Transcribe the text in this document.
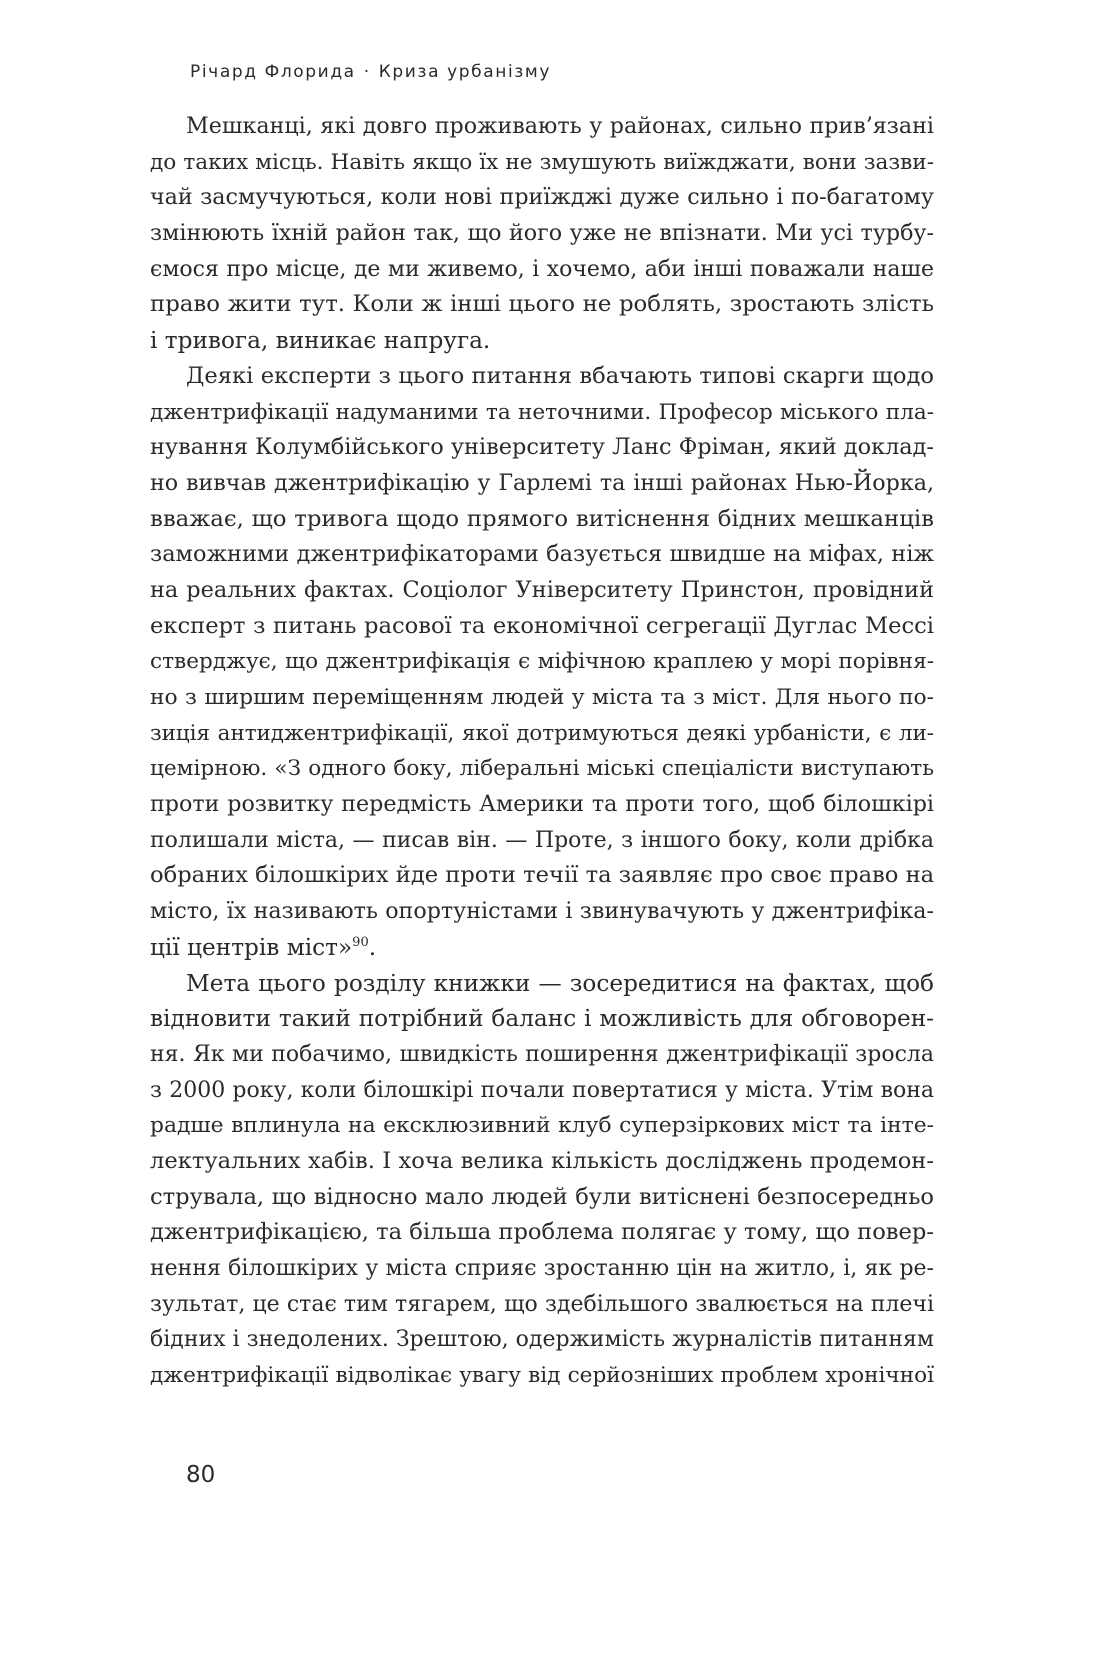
Річард Флорида · Криза урбанізму
Мешканці, які довго проживають у районах, сильно прив’язані
до таких місць. Навіть якщо їх не змушують виїжджати, вони зазви-
чай засмучуються, коли нові приїжджі дуже сильно і по-багатому
змінюють їхній район так, що його уже не впізнати. Ми усі турбу-
ємося про місце, де ми живемо, і хочемо, аби інші поважали наше
право жити тут. Коли ж інші цього не роблять, зростають злість
і тривога, виникає напруга.
Деякі експерти з цього питання вбачають типові скарги щодо
джентрифікації надуманими та неточними. Професор міського пла-
нування Колумбійського університету Ланс Фріман, який доклад-
но вивчав джентрифікацію у Гарлемі та інші районах Нью-Йорка,
вважає, що тривога щодо прямого витіснення бідних мешканців
заможними джентрифікаторами базується швидше на міфах, ніж
на реальних фактах. Соціолог Університету Принстон, провідний
експерт з питань расової та економічної сегрегації Дуглас Мессі
стверджує, що джентрифікація є міфічною краплею у морі порівня-
но з ширшим переміщенням людей у міста та з міст. Для нього по-
зиція антиджентрифікації, якої дотримуються деякі урбаністи, є ли-
цемірною. «З одного боку, ліберальні міські спеціалісти виступають
проти розвитку передмість Америки та проти того, щоб білошкірі
полишали міста, — писав він. — Проте, з іншого боку, коли дрібка
обраних білошкірих йде проти течії та заявляє про своє право на
місто, їх називають опортуністами і звинувачують у джентрифіка-
ції центрів міст»$^{90}$.
Мета цього розділу книжки — зосередитися на фактах, щоб
відновити такий потрібний баланс і можливість для обговорен-
ня. Як ми побачимо, швидкість поширення джентрифікації зросла
з 2000 року, коли білошкірі почали повертатися у міста. Утім вона
радше вплинула на ексклюзивний клуб суперзіркових міст та інте-
лектуальних хабів. І хоча велика кількість досліджень продемон-
струвала, що відносно мало людей були витіснені безпосередньо
джентрифікацією, та більша проблема полягає у тому, що повер-
нення білошкірих у міста сприяє зростанню цін на житло, і, як ре-
зультат, це стає тим тягарем, що здебільшого звалюється на плечі
бідних і знедолених. Зрештою, одержимість журналістів питанням
джентрифікації відволікає увагу від серйозніших проблем хронічної
80
